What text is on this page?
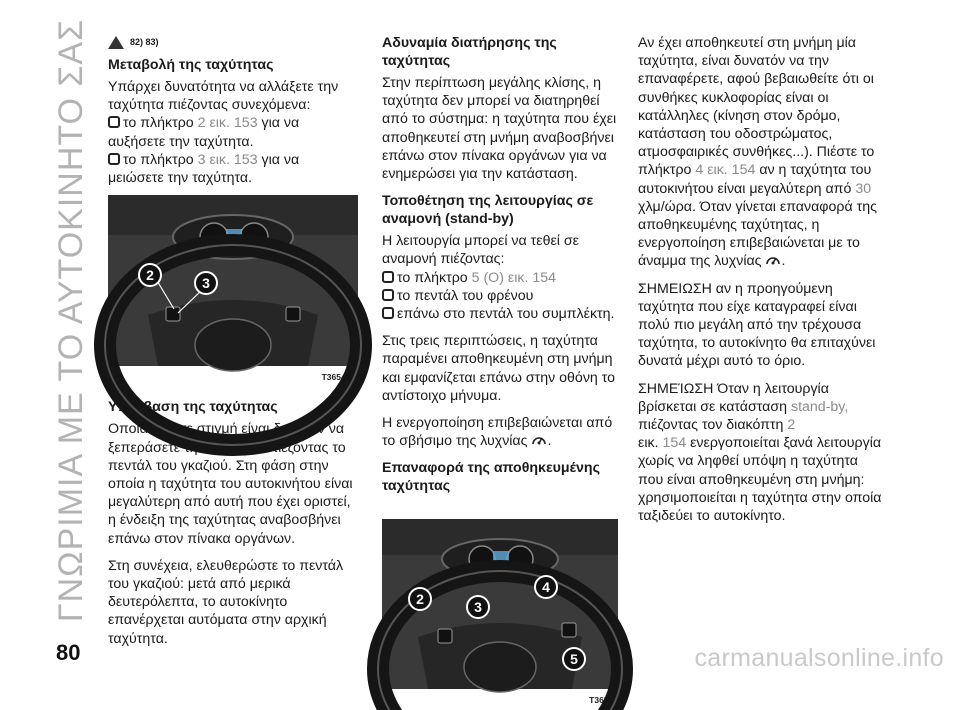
ΓΝΩΡΙΜΙΑ ΜΕ ΤΟ ΑΥΤΟΚΙΝΗΤΟ ΣΑΣ
80
82) 83)

Μεταβολή της ταχύτητας

Υπάρχει δυνατότητα να αλλάξετε την ταχύτητα πιέζοντας συνεχόμενα:
το πλήκτρο 2 εικ. 153 για να αυξήσετε την ταχύτητα.
το πλήκτρο 3 εικ. 153 για να μειώσετε την ταχύτητα.

2	3
153	T36544-1

Υπέρβαση της ταχύτητας

Οποιαδήποτε στιγμή είναι δυνατόν να ξεπεράσετε την ταχύτητα πιέζοντας το πεντάλ του γκαζιού. Στη φάση στην οποία η ταχύτητα του αυτοκινήτου είναι μεγαλύτερη από αυτή που έχει οριστεί, η ένδειξη της ταχύτητας αναβοσβήνει επάνω στον πίνακα οργάνων.

Στη συνέχεια, ελευθερώστε το πεντάλ του γκαζιού: μετά από μερικά δευτερόλεπτα, το αυτοκίνητο επανέρχεται αυτόματα στην αρχική ταχύτητα.

Αδυναμία διατήρησης της ταχύτητας

Στην περίπτωση μεγάλης κλίσης, η ταχύτητα δεν μπορεί να διατηρηθεί από το σύστημα: η ταχύτητα που έχει αποθηκευτεί στη μνήμη αναβοσβήνει επάνω στον πίνακα οργάνων για να ενημερώσει για την κατάσταση.

Τοποθέτηση της λειτουργίας σε αναμονή (stand-by)

Η λειτουργία μπορεί να τεθεί σε αναμονή πιέζοντας:
το πλήκτρο 5 (O) εικ. 154
το πεντάλ του φρένου
επάνω στο πεντάλ του συμπλέκτη.

Στις τρεις περιπτώσεις, η ταχύτητα παραμένει αποθηκευμένη στη μνήμη και εμφανίζεται επάνω στην οθόνη το αντίστοιχο μήνυμα.

Η ενεργοποίηση επιβεβαιώνεται από το σβήσιμο της λυχνίας .

Επαναφορά της αποθηκευμένης ταχύτητας

2	3
4
5
154	T36544

Αν έχει αποθηκευτεί στη μνήμη μία ταχύτητα, είναι δυνατόν να την επαναφέρετε, αφού βεβαιωθείτε ότι οι συνθήκες κυκλοφορίας είναι οι κατάλληλες (κίνηση στον δρόμο, κατάσταση του οδοστρώματος, ατμοσφαιρικές συνθήκες...). Πιέστε το πλήκτρο 4 εικ. 154 αν η ταχύτητα του αυτοκινήτου είναι μεγαλύτερη από 30 χλμ/ώρα. Όταν γίνεται επαναφορά της αποθηκευμένης ταχύτητας, η ενεργοποίηση επιβεβαιώνεται με το άναμμα της λυχνίας .

ΣΗΜΕΙΩΣΗ αν η προηγούμενη ταχύτητα που είχε καταγραφεί είναι πολύ πιο μεγάλη από την τρέχουσα ταχύτητα, το αυτοκίνητο θα επιταχύνει δυνατά μέχρι αυτό το όριο.

ΣΗΜΕΊΩΣΗ Όταν η λειτουργία βρίσκεται σε κατάσταση stand-by, πιέζοντας τον διακόπτη 2
εικ. 154 ενεργοποιείται ξανά λειτουργία χωρίς να ληφθεί υπόψη η ταχύτητα που είναι αποθηκευμένη στη μνήμη: χρησιμοποιείται η ταχύτητα στην οποία ταξιδεύει το αυτοκίνητο.

carmanualsonline.info
